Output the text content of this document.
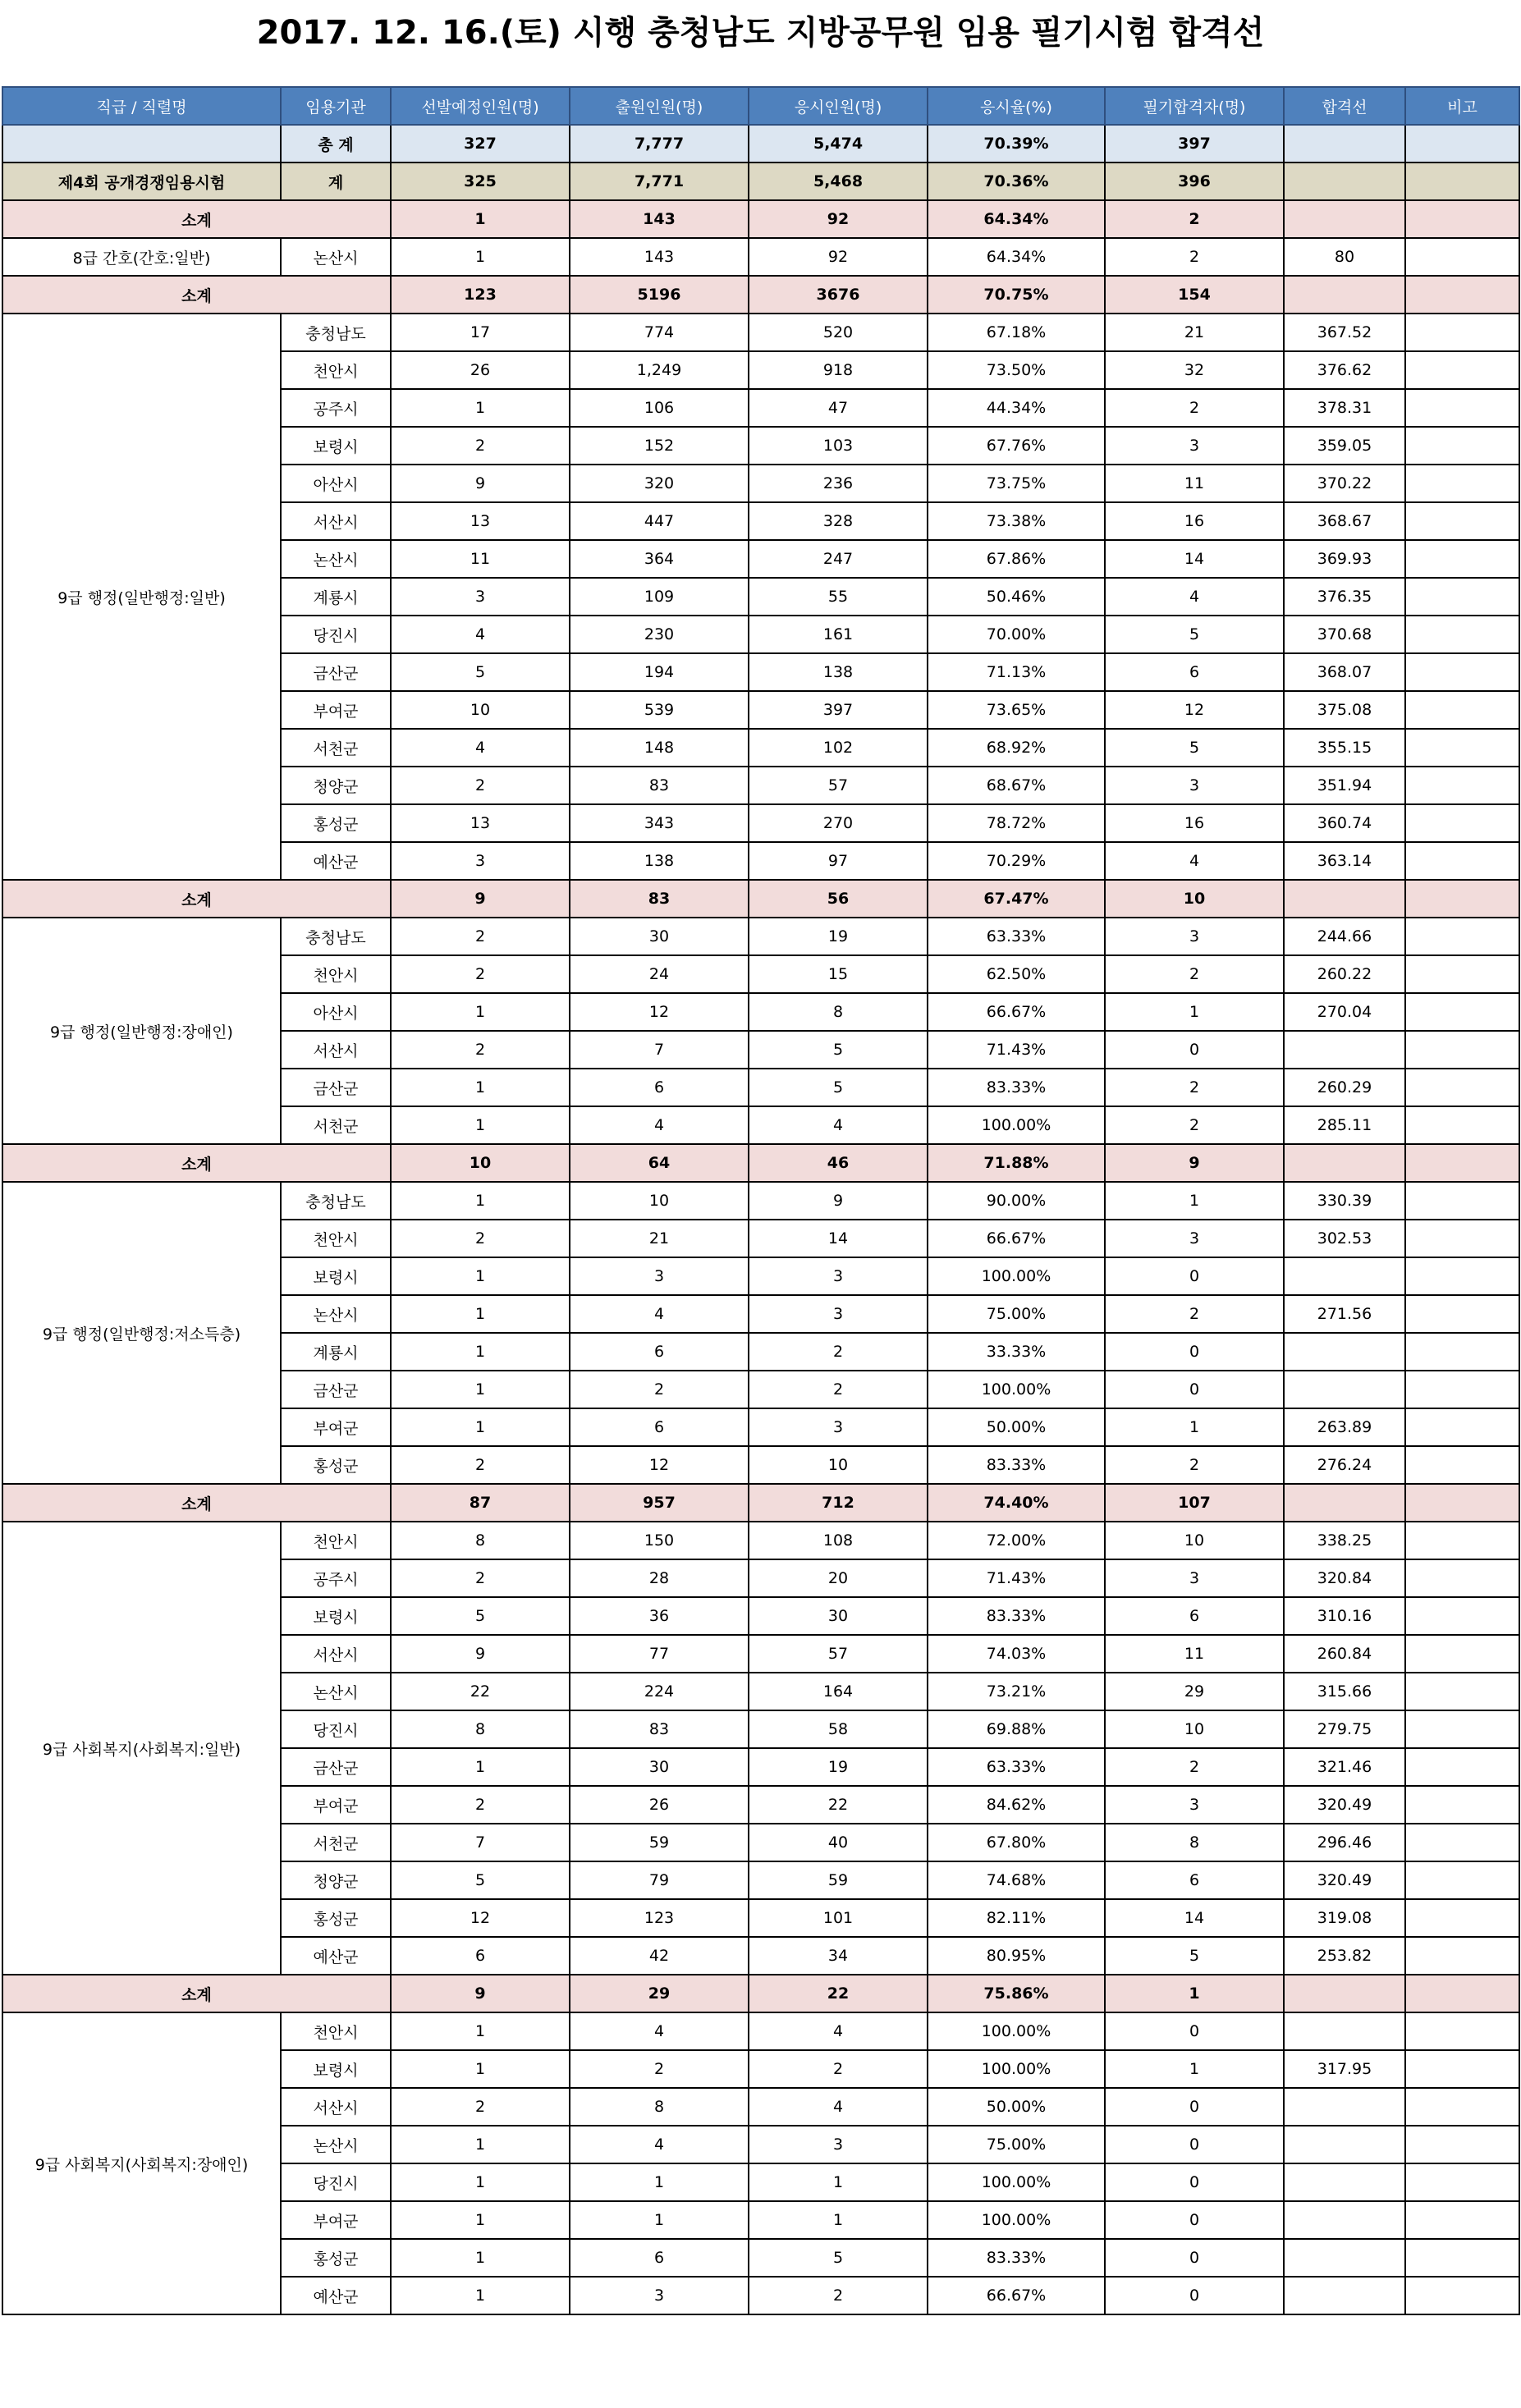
2017. 12. 16.(토) 시행 충청남도 지방공무원 임용 필기시험 합격선
직급 / 직렬명	임용기관	선발예정인원(명)	출원인원(명)	응시인원(명)	응시율(%)	필기합격자(명)	합격선	비고
	총 계	327	7,777	5,474	70.39%	397		
제4회 공개경쟁임용시험	계	325	7,771	5,468	70.36%	396		
소계		1	143	92	64.34%	2		
8급 간호(간호:일반)	논산시	1	143	92	64.34%	2	80	
소계		123	5196	3676	70.75%	154		
9급 행정(일반행정:일반)	충청남도	17	774	520	67.18%	21	367.52	
	천안시	26	1,249	918	73.50%	32	376.62	
	공주시	1	106	47	44.34%	2	378.31	
	보령시	2	152	103	67.76%	3	359.05	
	아산시	9	320	236	73.75%	11	370.22	
	서산시	13	447	328	73.38%	16	368.67	
	논산시	11	364	247	67.86%	14	369.93	
	계룡시	3	109	55	50.46%	4	376.35	
	당진시	4	230	161	70.00%	5	370.68	
	금산군	5	194	138	71.13%	6	368.07	
	부여군	10	539	397	73.65%	12	375.08	
	서천군	4	148	102	68.92%	5	355.15	
	청양군	2	83	57	68.67%	3	351.94	
	홍성군	13	343	270	78.72%	16	360.74	
	예산군	3	138	97	70.29%	4	363.14	
소계		9	83	56	67.47%	10		
9급 행정(일반행정:장애인)	충청남도	2	30	19	63.33%	3	244.66	
	천안시	2	24	15	62.50%	2	260.22	
	아산시	1	12	8	66.67%	1	270.04	
	서산시	2	7	5	71.43%	0		
	금산군	1	6	5	83.33%	2	260.29	
	서천군	1	4	4	100.00%	2	285.11	
소계		10	64	46	71.88%	9		
9급 행정(일반행정:저소득층)	충청남도	1	10	9	90.00%	1	330.39	
	천안시	2	21	14	66.67%	3	302.53	
	보령시	1	3	3	100.00%	0		
	논산시	1	4	3	75.00%	2	271.56	
	계룡시	1	6	2	33.33%	0		
	금산군	1	2	2	100.00%	0		
	부여군	1	6	3	50.00%	1	263.89	
	홍성군	2	12	10	83.33%	2	276.24	
소계		87	957	712	74.40%	107		
9급 사회복지(사회복지:일반)	천안시	8	150	108	72.00%	10	338.25	
	공주시	2	28	20	71.43%	3	320.84	
	보령시	5	36	30	83.33%	6	310.16	
	서산시	9	77	57	74.03%	11	260.84	
	논산시	22	224	164	73.21%	29	315.66	
	당진시	8	83	58	69.88%	10	279.75	
	금산군	1	30	19	63.33%	2	321.46	
	부여군	2	26	22	84.62%	3	320.49	
	서천군	7	59	40	67.80%	8	296.46	
	청양군	5	79	59	74.68%	6	320.49	
	홍성군	12	123	101	82.11%	14	319.08	
	예산군	6	42	34	80.95%	5	253.82	
소계		9	29	22	75.86%	1		
9급 사회복지(사회복지:장애인)	천안시	1	4	4	100.00%	0		
	보령시	1	2	2	100.00%	1	317.95	
	서산시	2	8	4	50.00%	0		
	논산시	1	4	3	75.00%	0		
	당진시	1	1	1	100.00%	0		
	부여군	1	1	1	100.00%	0		
	홍성군	1	6	5	83.33%	0		
	예산군	1	3	2	66.67%	0		
